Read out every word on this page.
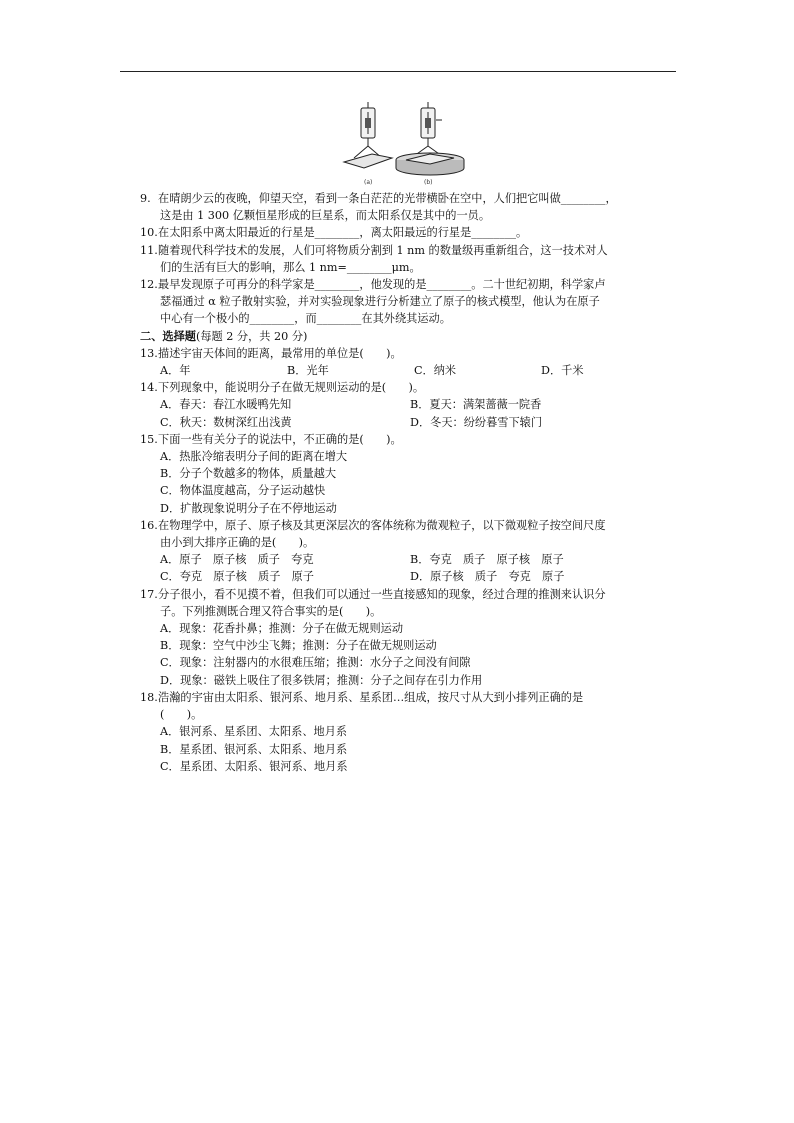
(a)	(b)
9. 在晴朗少云的夜晚，仰望天空，看到一条白茫茫的光带横卧在空中，人们把它叫做________，
这是由 1 300 亿颗恒星形成的巨星系，而太阳系仅是其中的一员。
10.在太阳系中离太阳最近的行星是________，离太阳最远的行星是________。
11.随着现代科学技术的发展，人们可将物质分割到 1 nm 的数量级再重新组合，这一技术对人
们的生活有巨大的影响，那么 1 nm=________μm。
12.最早发现原子可再分的科学家是________，他发现的是________。二十世纪初期，科学家卢
瑟福通过 α 粒子散射实验，并对实验现象进行分析建立了原子的核式模型，他认为在原子
中心有一个极小的________，而________在其外绕其运动。
二、选择题(每题 2 分，共 20 分)
13.描述宇宙天体间的距离，最常用的单位是(　　)。
A．年	B．光年	C．纳米	D．千米
14.下列现象中，能说明分子在做无规则运动的是(　　)。
A．春天：春江水暖鸭先知	B．夏天：满架蔷薇一院香
C．秋天：数树深红出浅黄	D．冬天：纷纷暮雪下辕门
15.下面一些有关分子的说法中，不正确的是(　　)。
A．热胀冷缩表明分子间的距离在增大
B．分子个数越多的物体，质量越大
C．物体温度越高，分子运动越快
D．扩散现象说明分子在不停地运动
16.在物理学中，原子、原子核及其更深层次的客体统称为微观粒子，以下微观粒子按空间尺度
由小到大排序正确的是(　　)。
A．原子　原子核　质子　夸克	B．夸克　质子　原子核　原子
C．夸克　原子核　质子　原子	D．原子核　质子　夸克　原子
17.分子很小，看不见摸不着，但我们可以通过一些直接感知的现象，经过合理的推测来认识分
子。下列推测既合理又符合事实的是(　　)。
A．现象：花香扑鼻；推测：分子在做无规则运动
B．现象：空气中沙尘飞舞；推测：分子在做无规则运动
C．现象：注射器内的水很难压缩；推测：水分子之间没有间隙
D．现象：磁铁上吸住了很多铁屑；推测：分子之间存在引力作用
18.浩瀚的宇宙由太阳系、银河系、地月系、星系团…组成，按尺寸从大到小排列正确的是
(　　)。
A．银河系、星系团、太阳系、地月系
B．星系团、银河系、太阳系、地月系
C．星系团、太阳系、银河系、地月系
